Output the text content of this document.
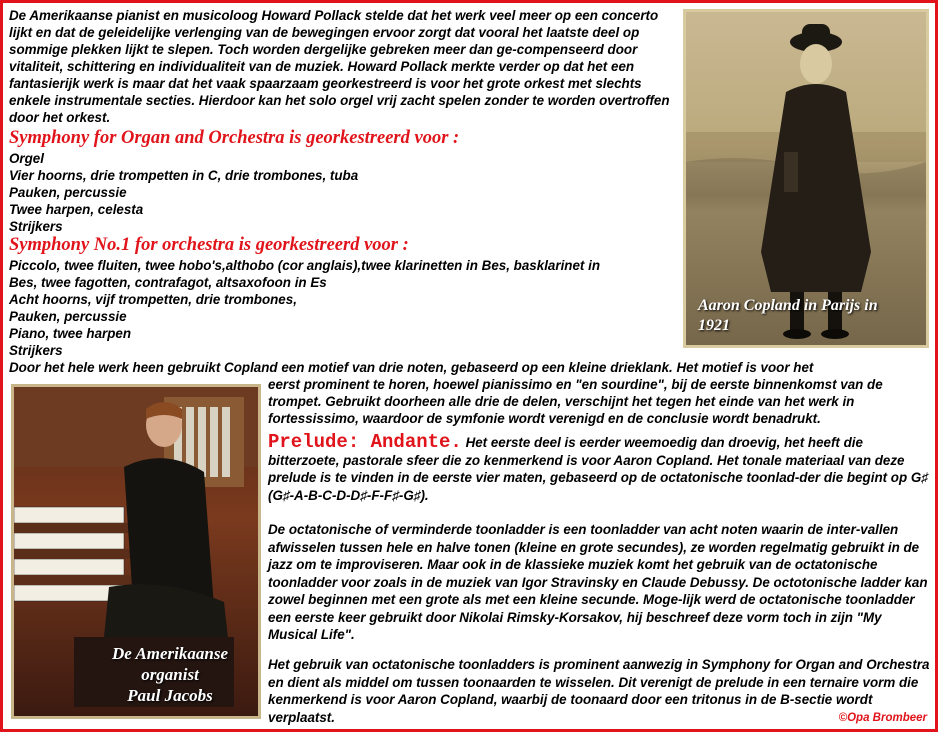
De Amerikaanse pianist en musicoloog Howard Pollack stelde dat het werk veel meer op een concerto lijkt en dat de geleidelijke verlenging van de bewegingen ervoor zorgt dat vooral het laatste deel op sommige plekken lijkt te slepen. Toch worden dergelijke gebreken meer dan ge-compenseerd door vitaliteit, schittering en individualiteit van de muziek. Howard Pollack merkte verder op dat het een fantasierijk werk is maar dat het vaak spaarzaam georkestreerd is voor het grote orkest met slechts enkele instrumentale secties. Hierdoor kan het solo orgel vrij zacht spelen zonder te worden overtroffen door het orkest.

Symphony for Organ and Orchestra is georkestreerd voor :

Orgel
Vier hoorns, drie trompetten in C, drie trombones, tuba
Pauken, percussie
Twee harpen, celesta
Strijkers

Symphony No.1 for orchestra is georkestreerd voor :

Piccolo, twee fluiten, twee hobo's,althobo (cor anglais),twee klarinetten in Bes, basklarinet in
Bes, twee fagotten, contrafagot, altsaxofoon in Es
Acht hoorns, vijf trompetten, drie trombones,
Pauken, percussie
Piano, twee harpen
Strijkers

Door het hele werk heen gebruikt Copland een motief van drie noten, gebaseerd op een kleine drieklank. Het motief is voor het

eerst prominent te horen, hoewel pianissimo en "en sourdine", bij de eerste binnenkomst van de trompet. Gebruikt doorheen alle drie de delen, verschijnt het tegen het einde van het werk in fortessissimo, waardoor de symfonie wordt verenigd en de conclusie wordt benadrukt.

Prelude: Andante. Het eerste deel is eerder weemoedig dan droevig, het heeft die bitterzoete, pastorale sfeer die zo kenmerkend is voor Aaron Copland. Het tonale materiaal van deze prelude is te vinden in de eerste vier maten, gebaseerd op de octatonische toonlad-der die begint op G♯ (G♯-A-B-C-D-D♯-F-F♯-G♯).

De octatonische of verminderde toonladder is een toonladder van acht noten waarin de inter-vallen afwisselen tussen hele en halve tonen (kleine en grote secundes), ze worden regelmatig gebruikt in de jazz om te improviseren. Maar ook in de klassieke muziek komt het gebruik van de octatonische toonladder voor zoals in de muziek van Igor Stravinsky en Claude Debussy. De octotonische ladder kan zowel beginnen met een grote als met een kleine secunde. Moge-lijk werd de octatonische toonladder een eerste keer gebruikt door Nikolai Rimsky-Korsakov, hij beschreef deze vorm toch in zijn "My Musical Life".

Het gebruik van octatonische toonladders is prominent aanwezig in Symphony for Organ and Orchestra en dient als middel om tussen toonaarden te wisselen. Dit verenigt de prelude in een ternaire vorm die kenmerkend is voor Aaron Copland, waarbij de toonaard door een tritonus in de B-sectie wordt verplaatst.

Aaron Copland in Parijs in
1921
De Amerikaanse
organist
Paul Jacobs
©Opa Brombeer
